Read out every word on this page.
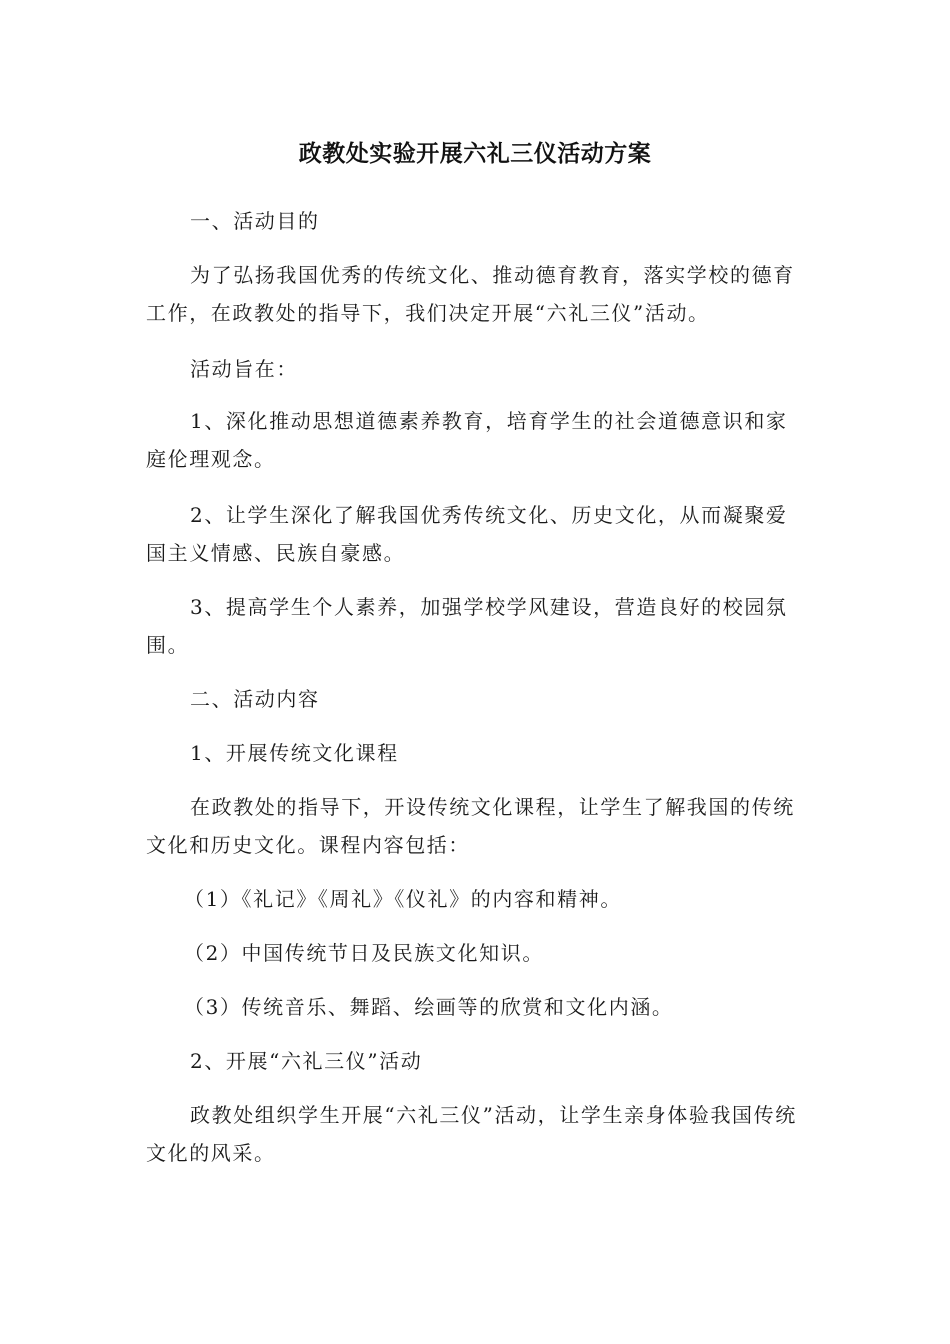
政教处实验开展六礼三仪活动方案

一、活动目的

为了弘扬我国优秀的传统文化、推动德育教育，落实学校的德育工作，在政教处的指导下，我们决定开展“六礼三仪”活动。

活动旨在：

1、深化推动思想道德素养教育，培育学生的社会道德意识和家庭伦理观念。

2、让学生深化了解我国优秀传统文化、历史文化，从而凝聚爱国主义情感、民族自豪感。

3、提高学生个人素养，加强学校学风建设，营造良好的校园氛围。

二、活动内容

1、开展传统文化课程

在政教处的指导下，开设传统文化课程，让学生了解我国的传统文化和历史文化。课程内容包括：

（1）《礼记》《周礼》《仪礼》的内容和精神。

（2）中国传统节日及民族文化知识。

（3）传统音乐、舞蹈、绘画等的欣赏和文化内涵。

2、开展“六礼三仪”活动

政教处组织学生开展“六礼三仪”活动，让学生亲身体验我国传统文化的风采。
